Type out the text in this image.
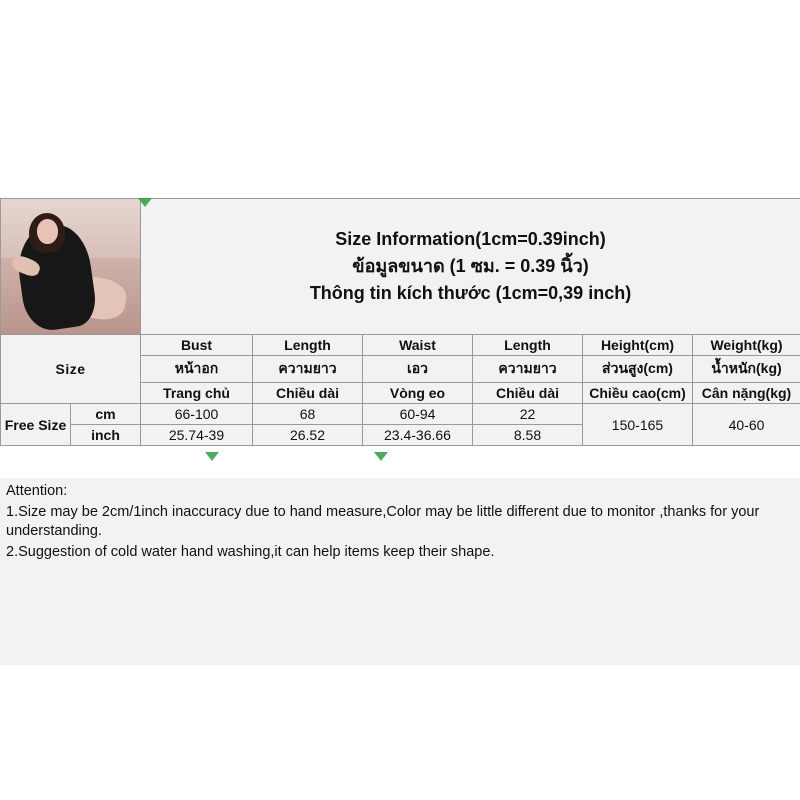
		Size Information(1cm=0.39inch)
ข้อมูลขนาด (1 ซม. = 0.39 นิ้ว)
Thông tin kích thước (1cm=0,39 inch)					

Size		Bust	Length	Waist	Length	Height(cm)	Weight(kg)
		หน้าอก	ความยาว	เอว	ความยาว	ส่วนสูง(cm)	น้ำหนัก(kg)
		Trang chủ	Chiều dài	Vòng eo	Chiều dài	Chiều cao(cm)	Cân nặng(kg)
Free Size	cm	66-100	68	60-94	22	150-165	40-60
	inch	25.74-39	26.52	23.4-36.66	8.58		

Attention:

1.Size may be 2cm/1inch inaccuracy due to hand measure,Color may be little different due to monitor ,thanks for your understanding.

2.Suggestion of cold water hand washing,it can help items keep their shape.
